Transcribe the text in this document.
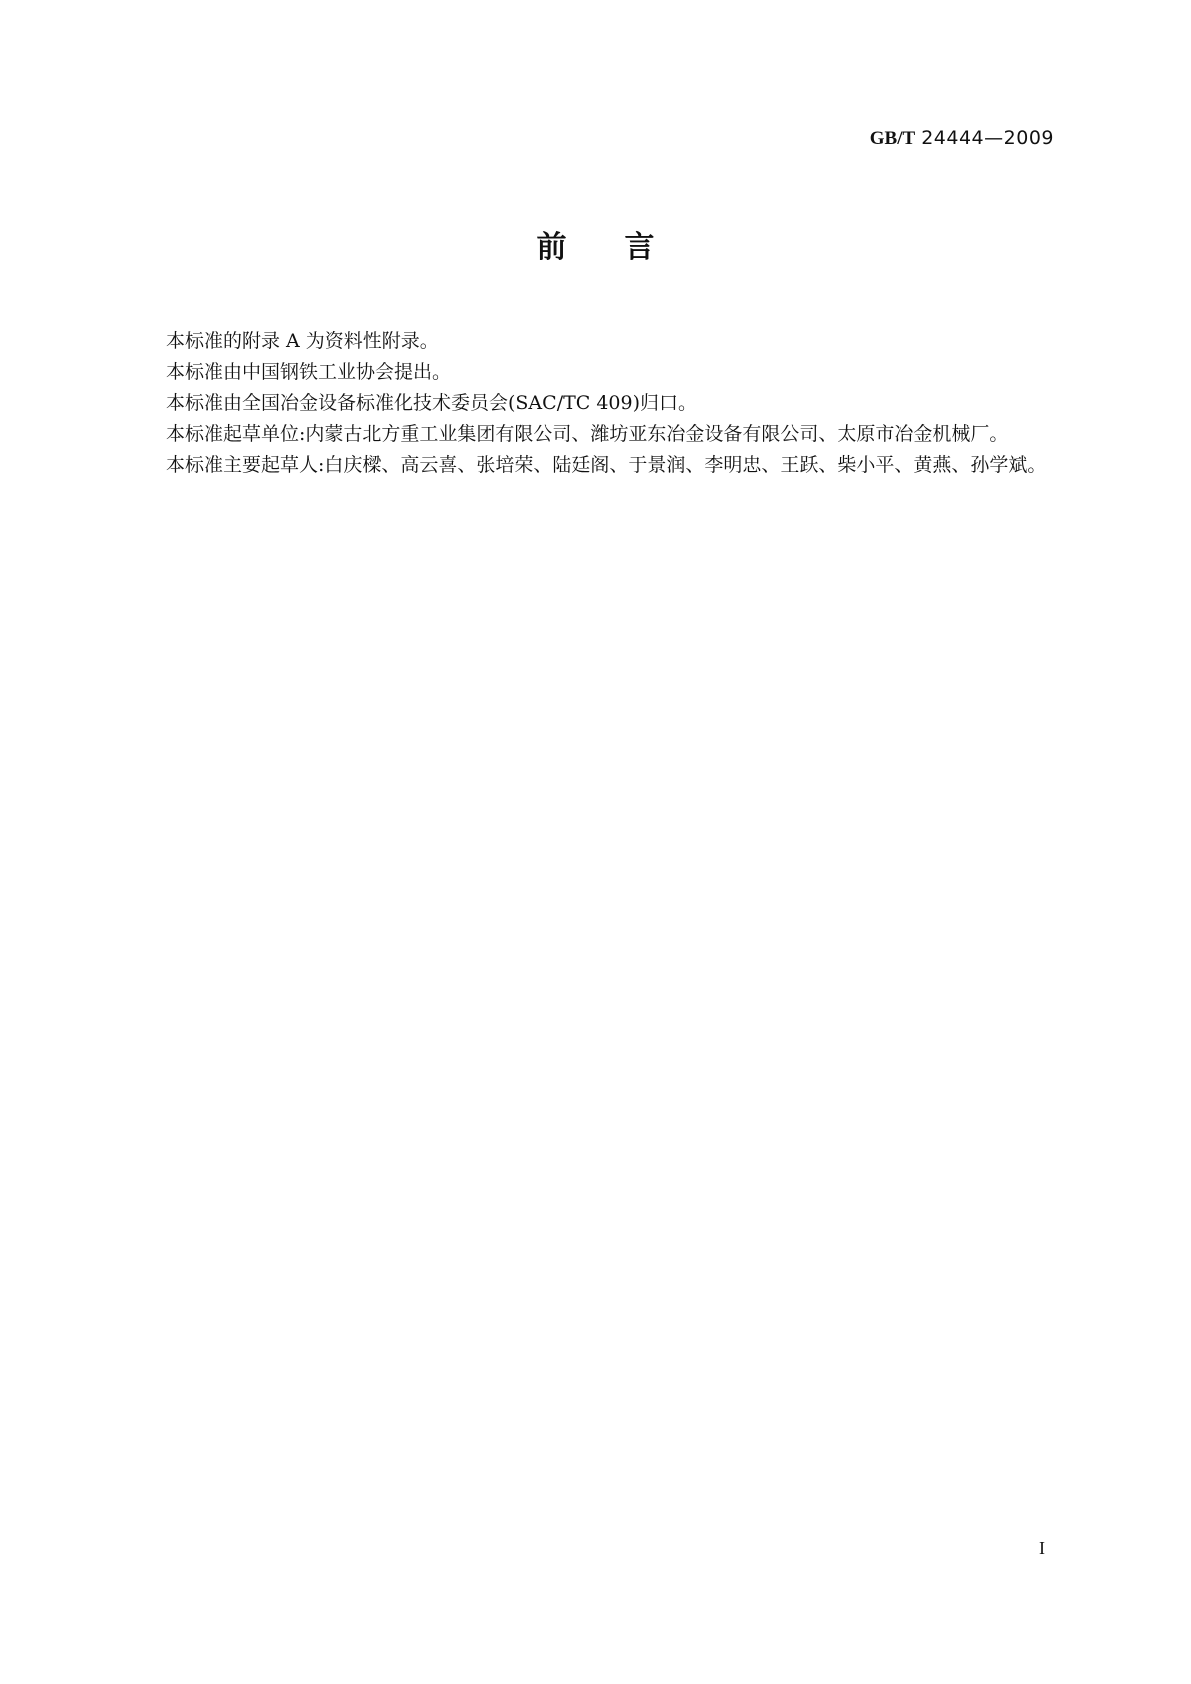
GB/T 24444—2009
前言

本标准的附录 A 为资料性附录。

本标准由中国钢铁工业协会提出。

本标准由全国冶金设备标准化技术委员会(SAC/TC 409)归口。

本标准起草单位:内蒙古北方重工业集团有限公司、潍坊亚东冶金设备有限公司、太原市冶金机械厂。

本标准主要起草人:白庆樑、高云喜、张培荣、陆廷阁、于景润、李明忠、王跃、柴小平、黄燕、孙学斌。

I
